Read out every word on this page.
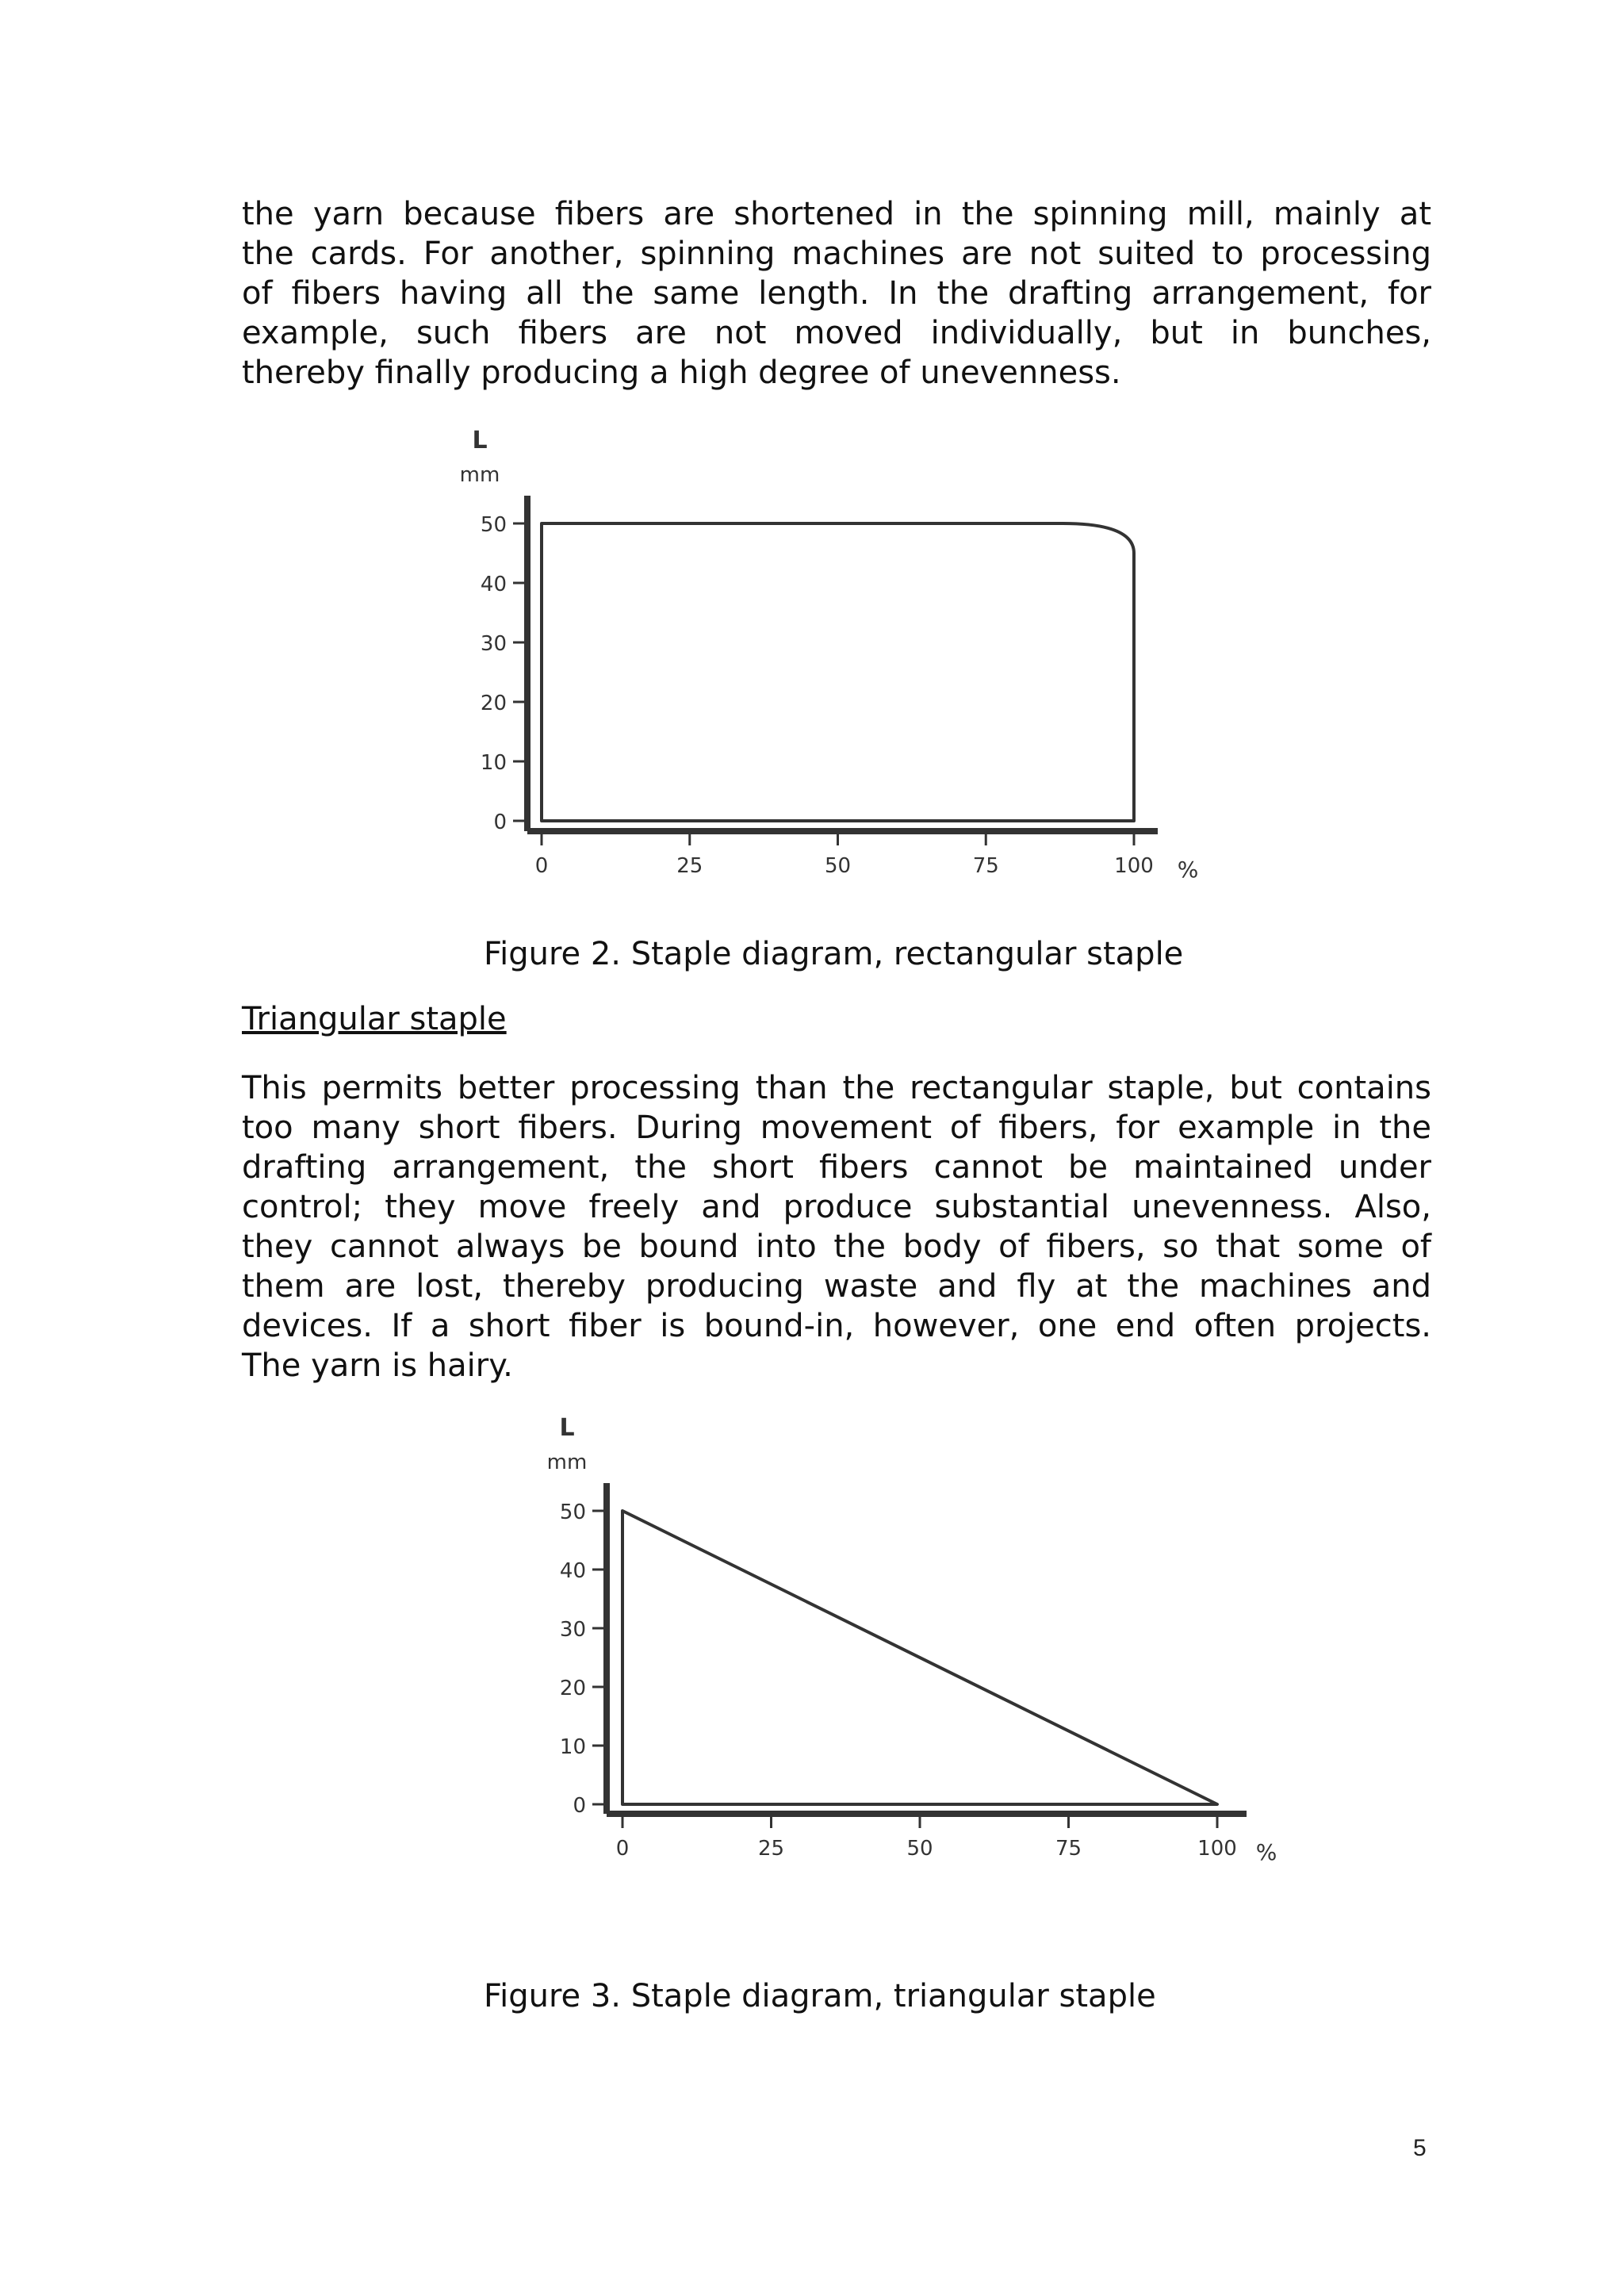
the yarn because fibers are shortened in the spinning mill, mainly at
the cards. For another, spinning machines are not suited to processing
of fibers having all the same length. In the drafting arrangement, for
example, such fibers are not moved individually, but in bunches,
thereby finally producing a high degree of unevenness.
L
mm
0
10
20
30
40
50
0	25	50	75	100 %

Figure 2. Staple diagram, rectangular staple

Triangular staple

This permits better processing than the rectangular staple, but contains
too many short fibers. During movement of fibers, for example in the
drafting arrangement, the short fibers cannot be maintained under
control; they move freely and produce substantial unevenness. Also,
they cannot always be bound into the body of fibers, so that some of
them are lost, thereby producing waste and fly at the machines and
devices. If a short fiber is bound-in, however, one end often projects.
The yarn is hairy.
L
mm
0
10
20
30
40
50
0	25	50	75	100 %

Figure 3. Staple diagram, triangular staple

5
